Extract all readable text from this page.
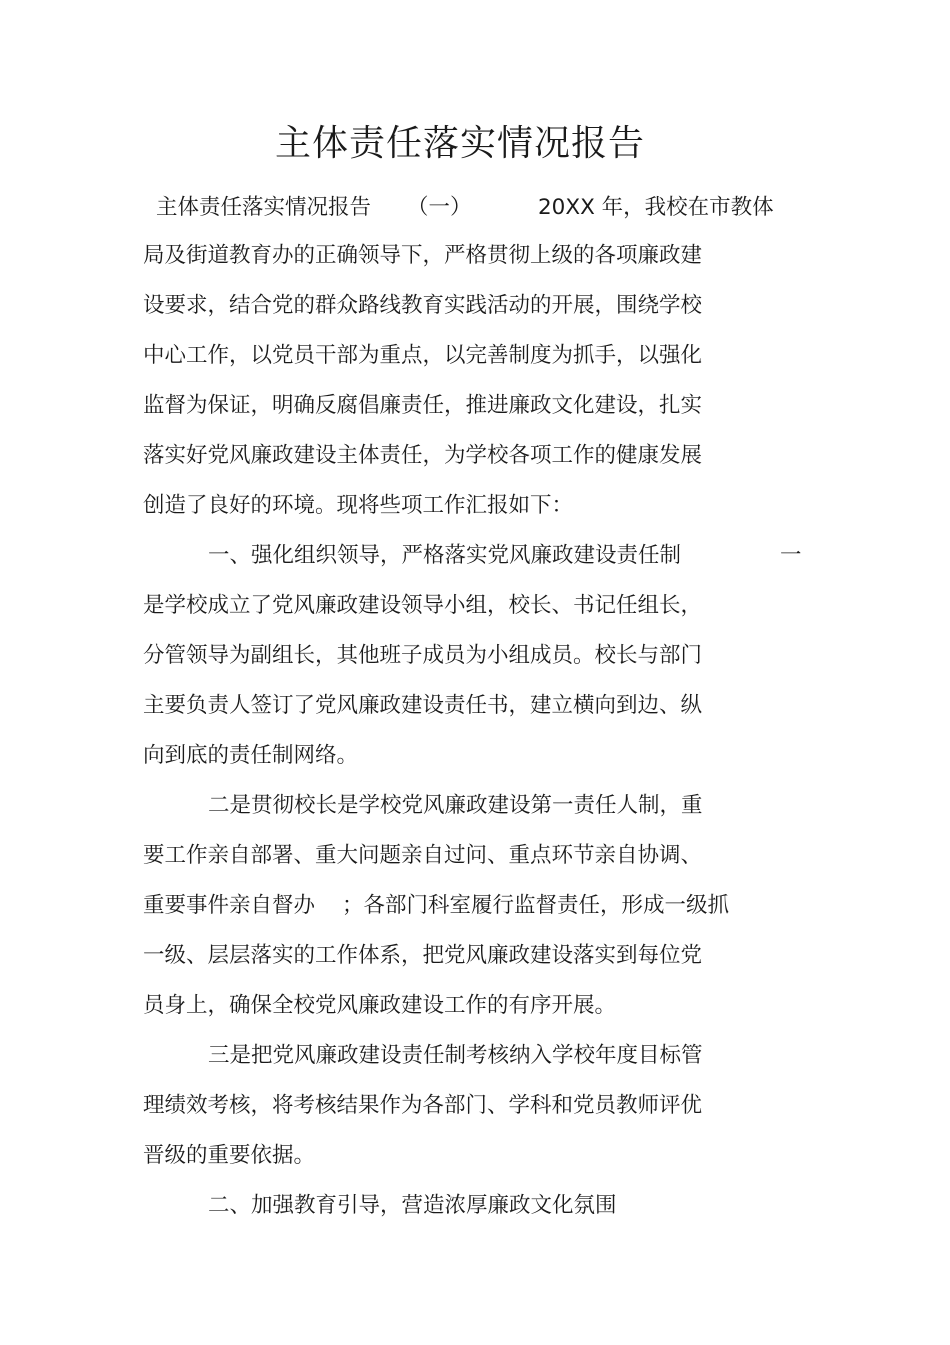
主体责任落实情况报告
主体责任落实情况报告 （一）	20XX 年，我校在市教体
局及街道教育办的正确领导下，严格贯彻上级的各项廉政建
设要求，结合党的群众路线教育实践活动的开展，围绕学校
中心工作，以党员干部为重点，以完善制度为抓手，以强化
监督为保证，明确反腐倡廉责任，推进廉政文化建设，扎实
落实好党风廉政建设主体责任，为学校各项工作的健康发展
创造了良好的环境。现将些项工作汇报如下：
一、强化组织领导，严格落实党风廉政建设责任制	一
是学校成立了党风廉政建设领导小组，校长、书记任组长，
分管领导为副组长，其他班子成员为小组成员。校长与部门
主要负责人签订了党风廉政建设责任书，建立横向到边、纵
向到底的责任制网络。
二是贯彻校长是学校党风廉政建设第一责任人制，重
要工作亲自部署、重大问题亲自过问、重点环节亲自协调、
重要事件亲自督办 ；各部门科室履行监督责任，形成一级抓
一级、层层落实的工作体系，把党风廉政建设落实到每位党
员身上，确保全校党风廉政建设工作的有序开展。
三是把党风廉政建设责任制考核纳入学校年度目标管
理绩效考核，将考核结果作为各部门、学科和党员教师评优
晋级的重要依据。
二、加强教育引导，营造浓厚廉政文化氛围
